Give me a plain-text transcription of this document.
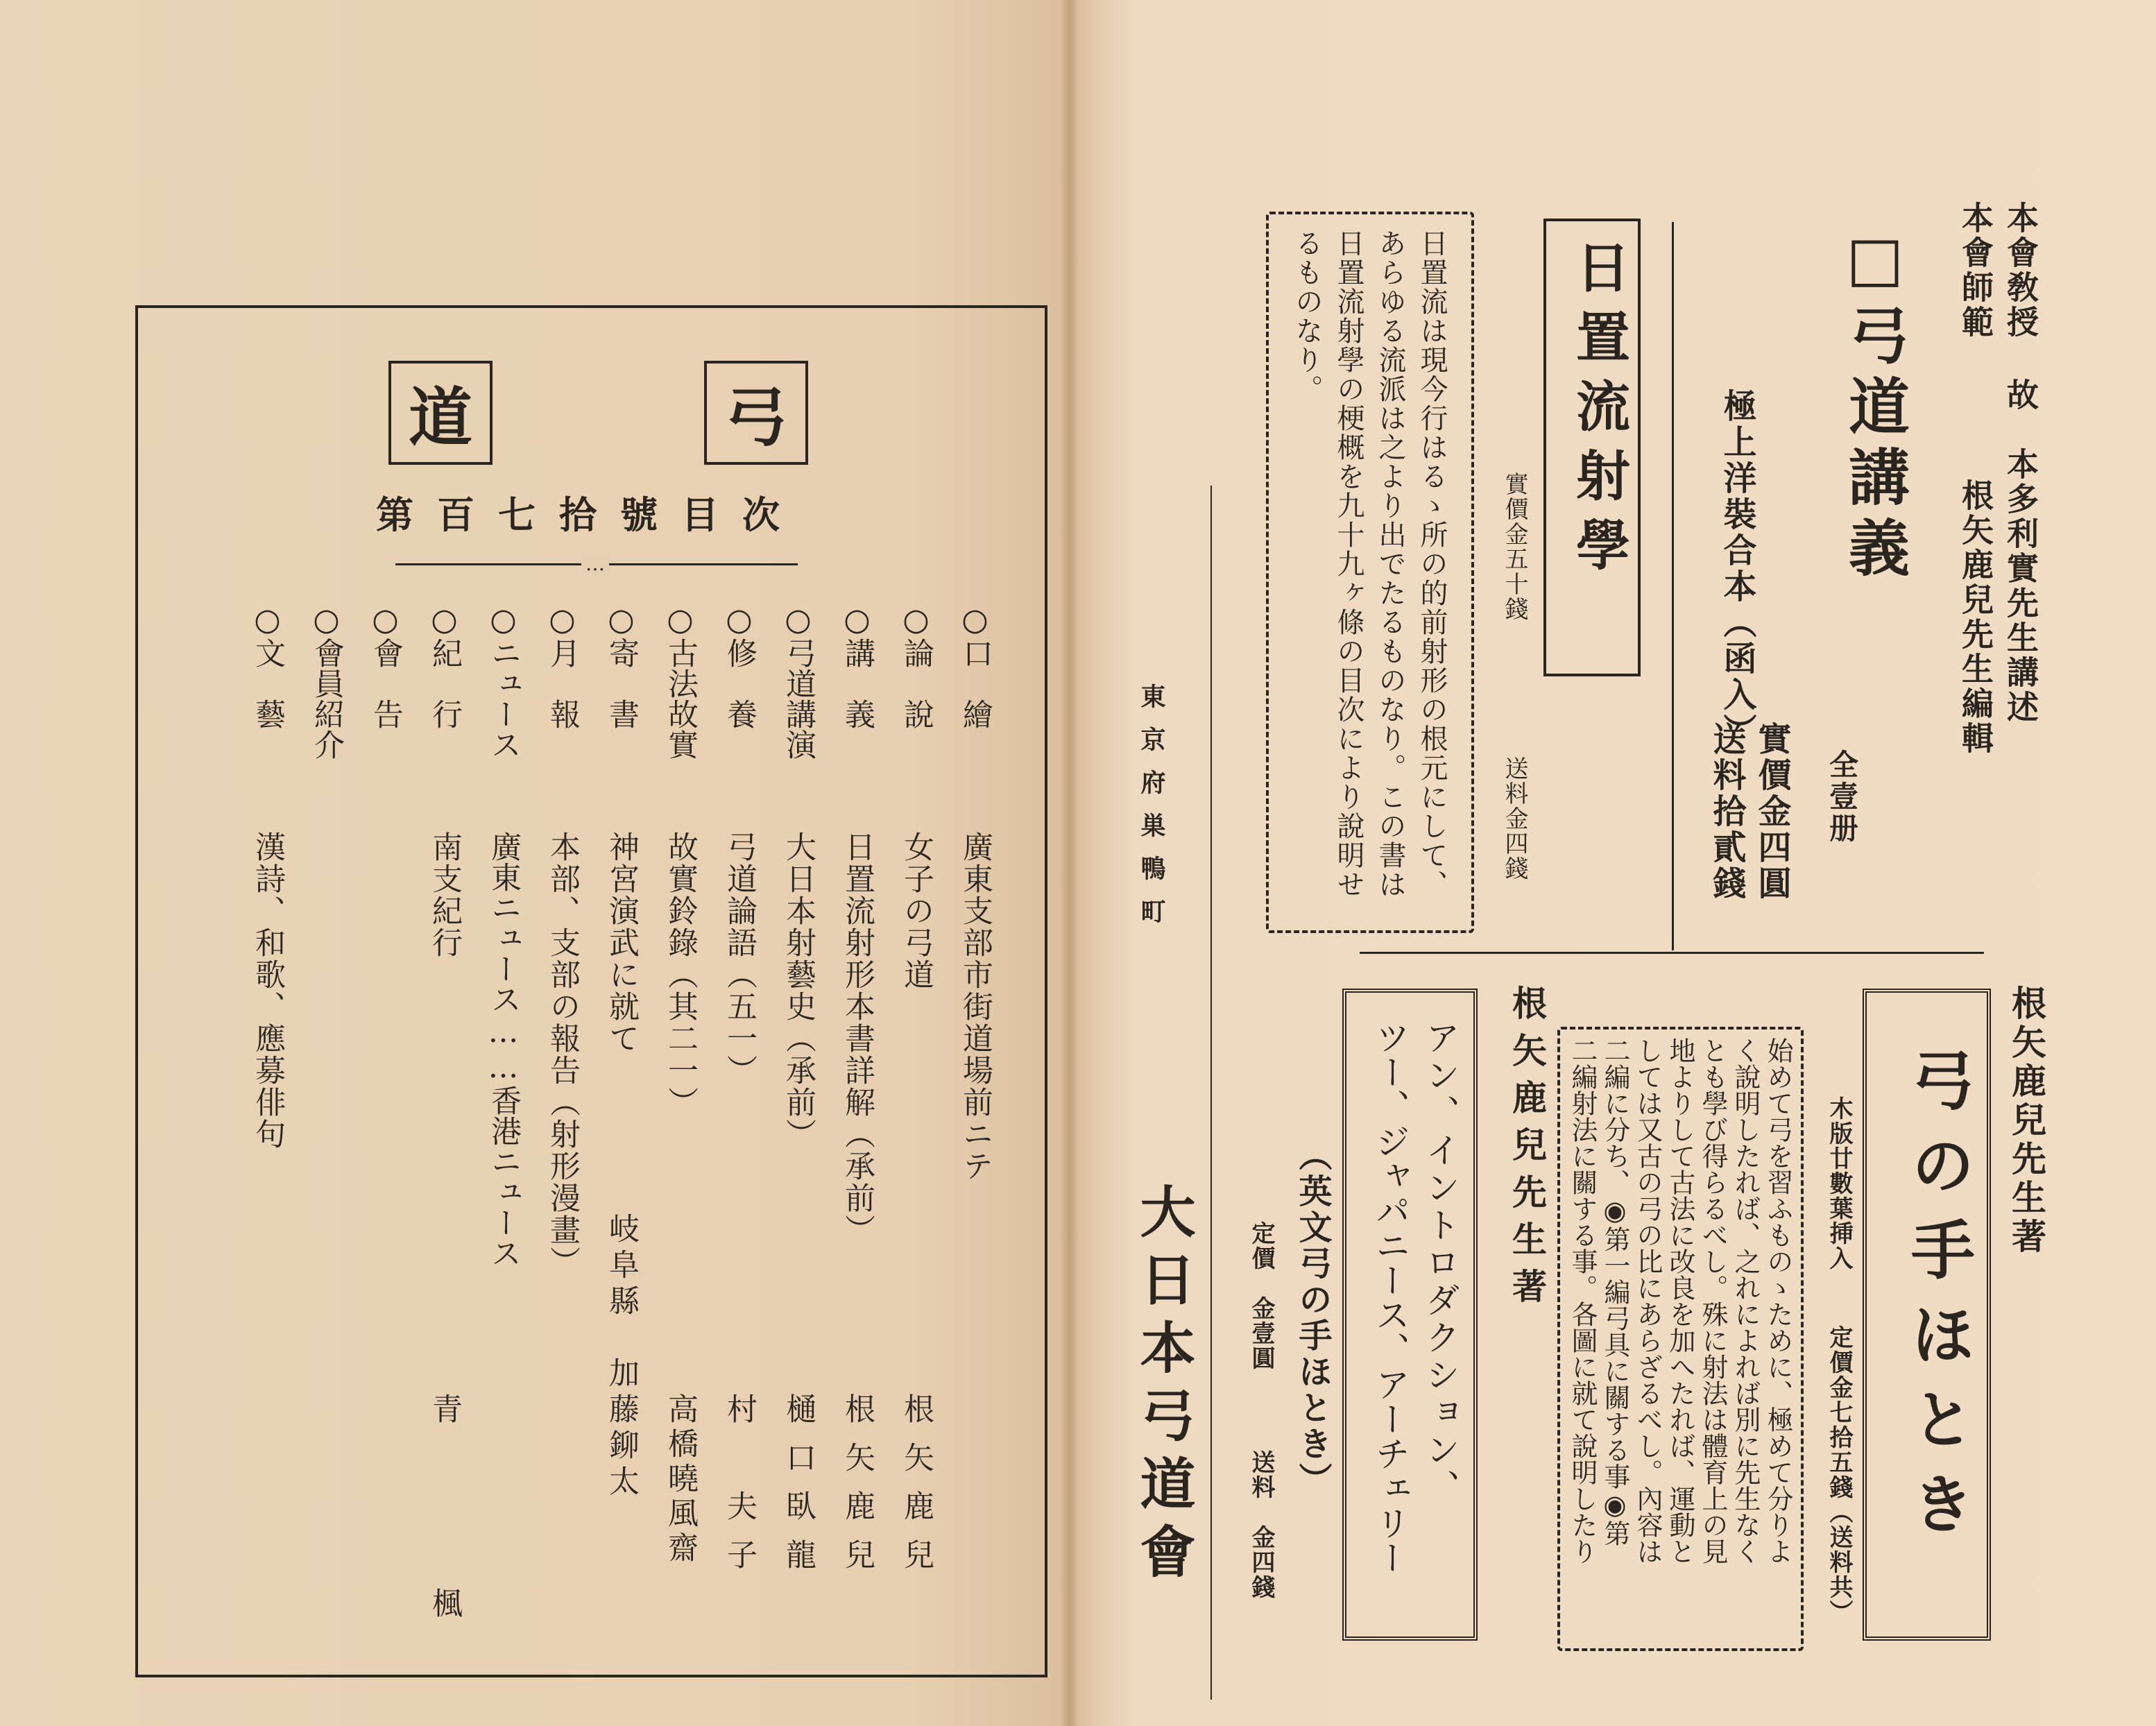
弓
道
第百七拾號目次
…
○口　繪
廣東支部市街道場前ニテ
○論　說
女子の弓道
根矢鹿兒
○講　義
日置流射形本書詳解（承前）
根矢鹿兒
○弓道講演
大日本射藝史（承前）
樋口臥龍
○修　養
弓道論語（五一）
村　夫子
○古法故實
故實鈴錄（其二一）
高橋曉風齋
○寄　書
神宮演武に就て
岐阜縣　加藤鉚太
○月　報
本部、支部の報告（射形漫畫）
○ニュース
廣東ニュース……香港ニュース
○紀　行
南支紀行
青　　　楓
○會　告
○會員紹介
○文　藝
漢詩、和歌、應募俳句
本會敎授
故　本多利實先生講述
本會師範
根矢鹿兒先生編輯
□弓道講義
全壹册
極上洋裝合本（函入）
實價金四圓
送料拾貳錢
日置流射學
實價金五十錢
送料金四錢
日置流は現今行はるゝ所の的前射形の根元にして、
あらゆる流派は之より出でたるものなり。この書は
日置流射學の梗概を九十九ヶ條の目次により說明せ
るものなり。
東京府巣鴨町
大日本弓道會
根矢鹿兒先生著
弓の手ほとき
木版廿數葉挿入
定價金七拾五錢（送料共）
始めて弓を習ふものゝために、極めて分りよ
く說明したれば、之れによれば別に先生なく
とも學び得らるべし。殊に射法は體育上の見
地よりして古法に改良を加へたれば、運動と
しては又古の弓の比にあらざるべし。內容は
二編に分ち、◉第一編弓具に關する事◉第
二編射法に關する事。各圖に就て說明したり
根矢鹿兒先生著
アン、イントロダクション、
ツー、ジャパニース、アーチェリー
（英文弓の手ほとき）
定價　金壹圓
送料　金四錢
